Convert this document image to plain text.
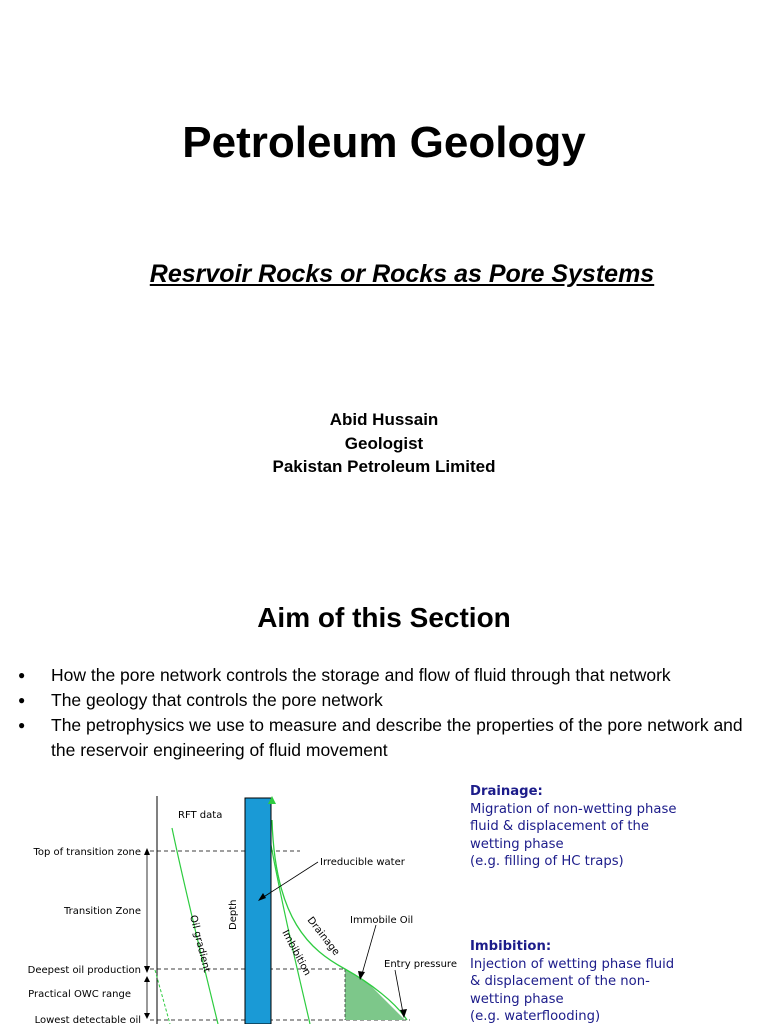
Petroleum Geology
Resrvoir Rocks or Rocks as Pore Systems
Abid Hussain
Geologist
Pakistan Petroleum Limited
Aim of this Section
● How the pore network controls the storage and flow of fluid through that network
● The geology that controls the pore network
● The petrophysics we use to measure and describe the properties of the pore network and the reservoir engineering of fluid movement
Top of transition zone
Transition Zone
Deepest oil production
Practical OWC range
Lowest detectable oil
RFT data
Irreducible water
Immobile Oil
Entry pressure
Depth
Oil gradient	Drainage
Imbibition
Drainage:
Migration of non-wetting phase
fluid & displacement of the
wetting phase
(e.g. filling of HC traps)
Imbibition:
Injection of wetting phase fluid
& displacement of the non-
wetting phase
(e.g. waterflooding)
